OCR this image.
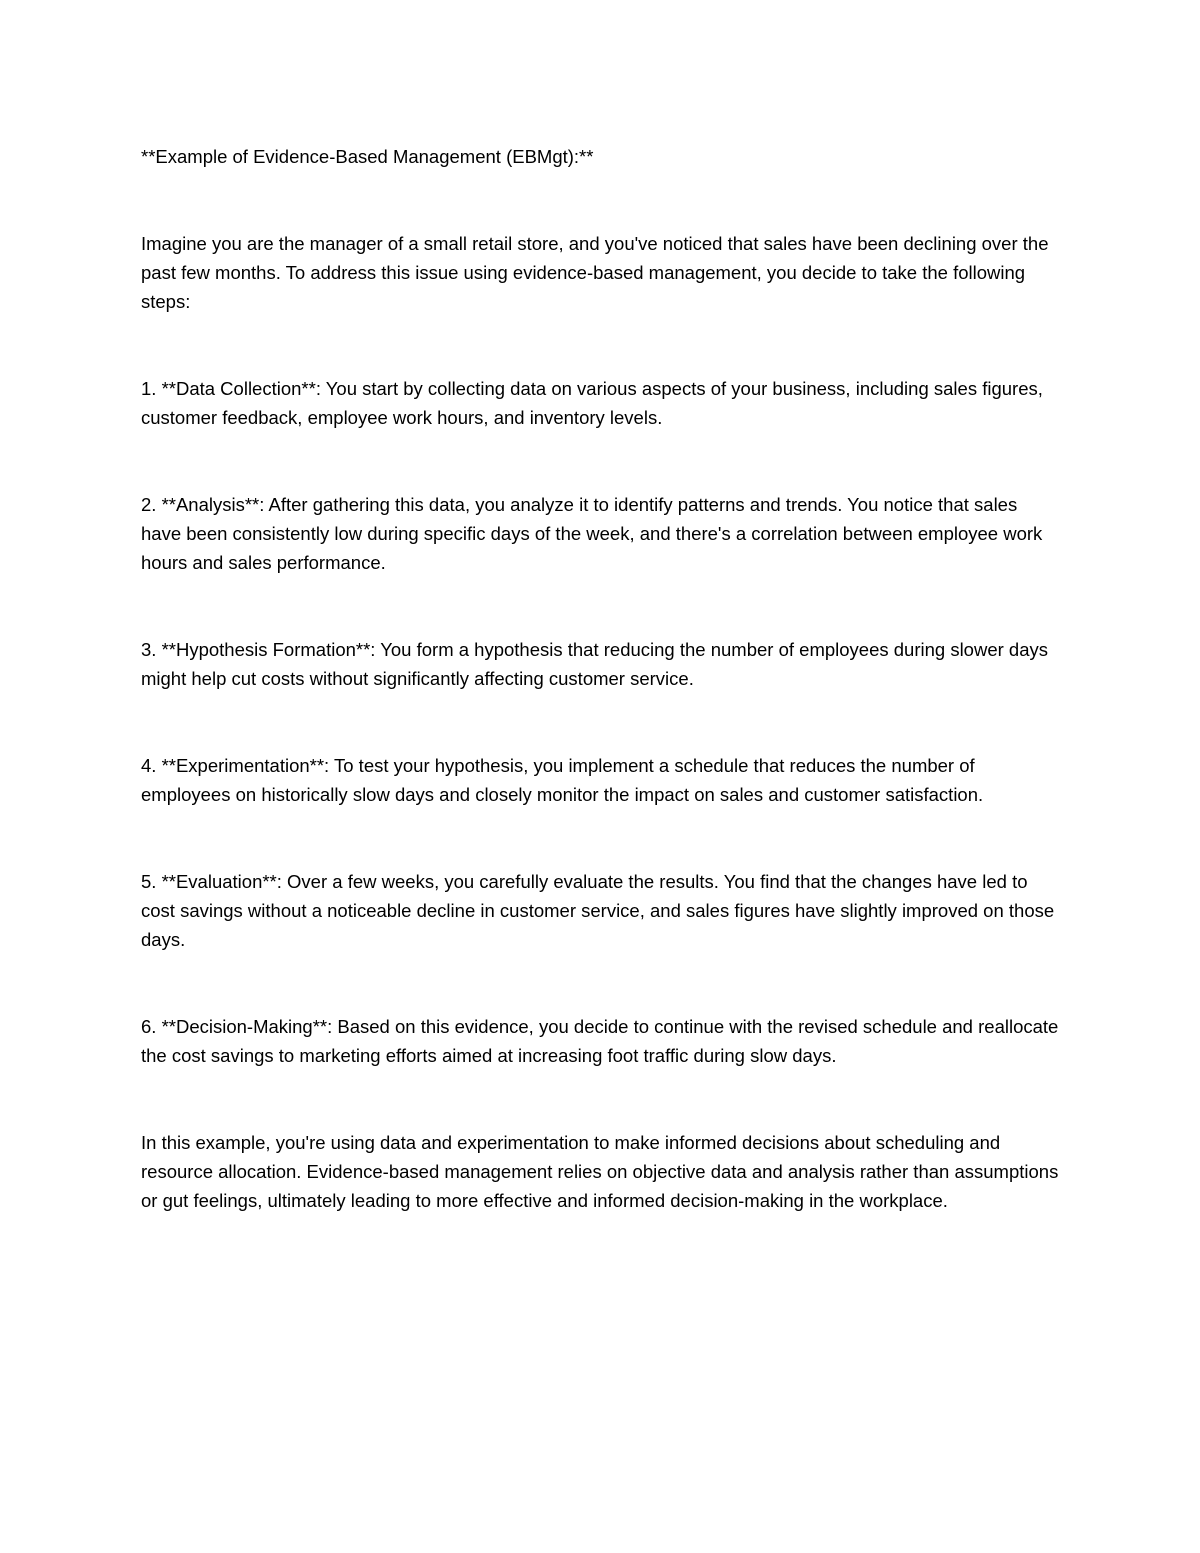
**Example of Evidence-Based Management (EBMgt):**

Imagine you are the manager of a small retail store, and you've noticed that sales have been declining over the past few months. To address this issue using evidence-based management, you decide to take the following steps:

1. **Data Collection**: You start by collecting data on various aspects of your business, including sales figures, customer feedback, employee work hours, and inventory levels.

2. **Analysis**: After gathering this data, you analyze it to identify patterns and trends. You notice that sales have been consistently low during specific days of the week, and there's a correlation between employee work hours and sales performance.

3. **Hypothesis Formation**: You form a hypothesis that reducing the number of employees during slower days might help cut costs without significantly affecting customer service.

4. **Experimentation**: To test your hypothesis, you implement a schedule that reduces the number of employees on historically slow days and closely monitor the impact on sales and customer satisfaction.

5. **Evaluation**: Over a few weeks, you carefully evaluate the results. You find that the changes have led to cost savings without a noticeable decline in customer service, and sales figures have slightly improved on those days.

6. **Decision-Making**: Based on this evidence, you decide to continue with the revised schedule and reallocate the cost savings to marketing efforts aimed at increasing foot traffic during slow days.

In this example, you're using data and experimentation to make informed decisions about scheduling and resource allocation. Evidence-based management relies on objective data and analysis rather than assumptions or gut feelings, ultimately leading to more effective and informed decision-making in the workplace.
